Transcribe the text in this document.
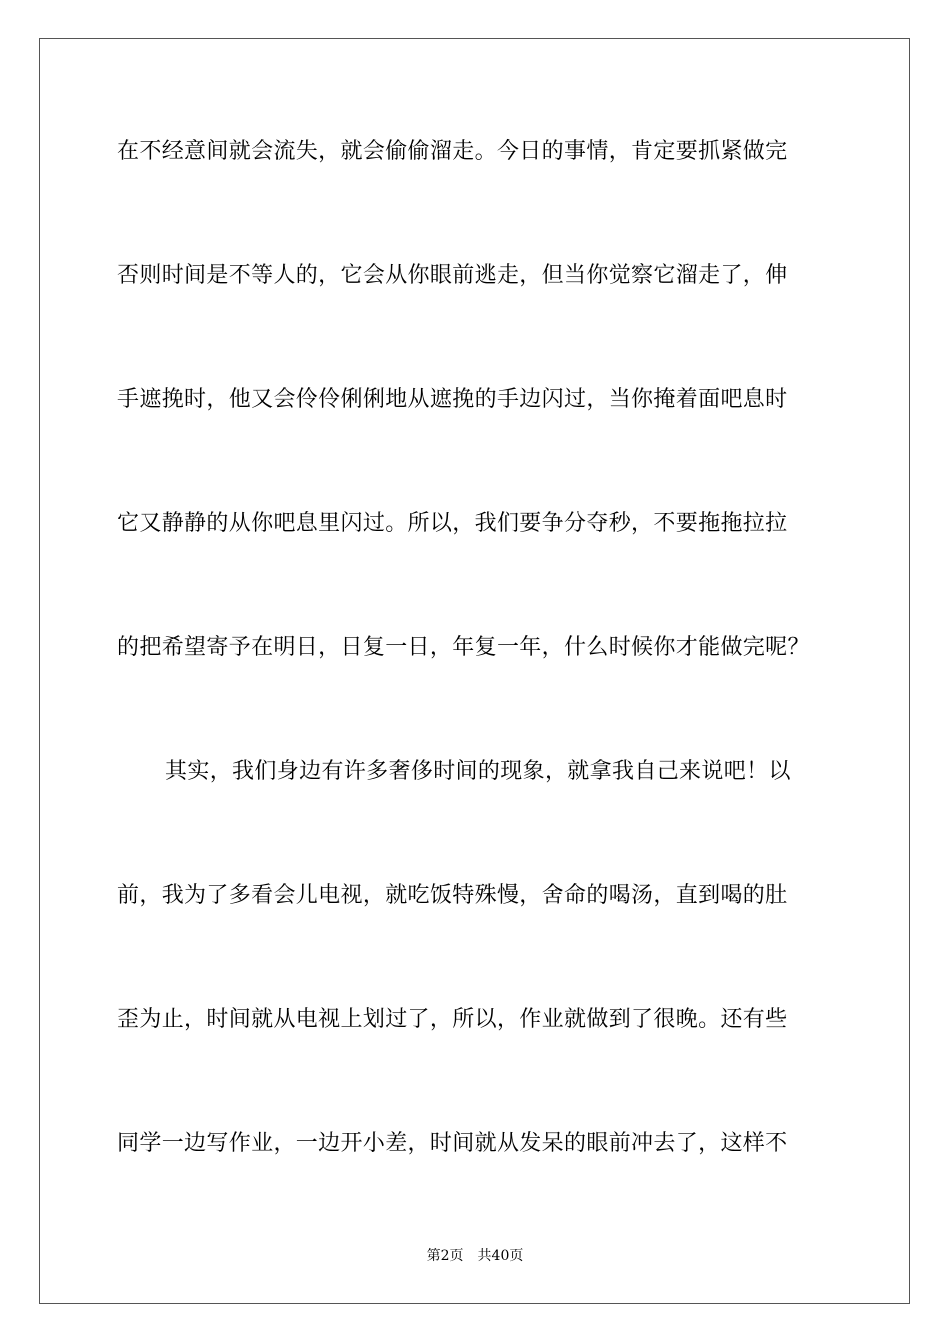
在不经意间就会流失，就会偷偷溜走。今日的事情，肯定要抓紧做完
否则时间是不等人的，它会从你眼前逃走，但当你觉察它溜走了，伸
手遮挽时，他又会伶伶俐俐地从遮挽的手边闪过，当你掩着面吧息时
它又静静的从你吧息里闪过。所以，我们要争分夺秒，不要拖拖拉拉
的把希望寄予在明日，日复一日，年复一年，什么时候你才能做完呢？
其实，我们身边有许多奢侈时间的现象，就拿我自己来说吧！以
前，我为了多看会儿电视，就吃饭特殊慢，舍命的喝汤，直到喝的肚
歪为止，时间就从电视上划过了，所以，作业就做到了很晚。还有些
同学一边写作业，一边开小差，时间就从发呆的眼前冲去了，这样不
第2页 共40页
